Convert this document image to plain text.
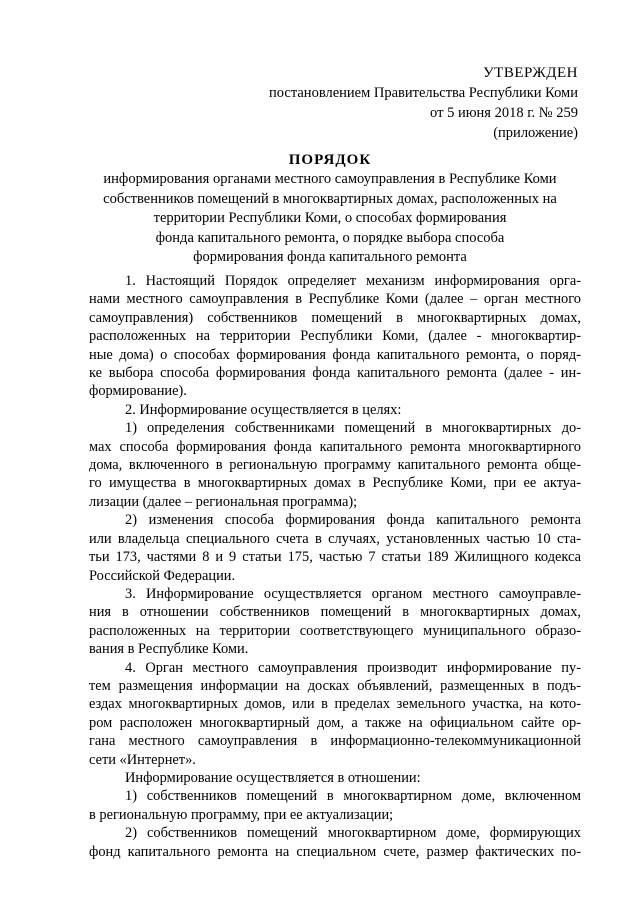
УТВЕРЖДЕН
постановлением Правительства Республики Коми
от 5 июня 2018 г. № 259
(приложение)
ПОРЯДОК
информирования органами местного самоуправления в Республике Коми
собственников помещений в многоквартирных домах, расположенных на
территории Республики Коми, о способах формирования
фонда капитального ремонта, о порядке выбора способа
формирования фонда капитального ремонта
1. Настоящий Порядок определяет механизм информирования орга-
нами местного самоуправления в Республике Коми (далее – орган местного
самоуправления) собственников помещений в многоквартирных домах,
расположенных на территории Республики Коми, (далее - многоквартир-
ные дома) о способах формирования фонда капитального ремонта, о поряд-
ке выбора способа формирования фонда капитального ремонта (далее - ин-
формирование).
2. Информирование осуществляется в целях:
1) определения собственниками помещений в многоквартирных до-
мах способа формирования фонда капитального ремонта многоквартирного
дома, включенного в региональную программу капитального ремонта обще-
го имущества в многоквартирных домах в Республике Коми, при ее актуа-
лизации (далее – региональная программа);
2) изменения способа формирования фонда капитального ремонта
или владельца специального счета в случаях, установленных частью 10 ста-
тьи 173, частями 8 и 9 статьи 175, частью 7 статьи 189 Жилищного кодекса
Российской Федерации.
3. Информирование осуществляется органом местного самоуправле-
ния в отношении собственников помещений в многоквартирных домах,
расположенных на территории соответствующего муниципального образо-
вания в Республике Коми.
4. Орган местного самоуправления производит информирование пу-
тем размещения информации на досках объявлений, размещенных в подъ-
ездах многоквартирных домов, или в пределах земельного участка, на кото-
ром расположен многоквартирный дом, а также на официальном сайте ор-
гана местного самоуправления в информационно-телекоммуникационной
сети «Интернет».
Информирование осуществляется в отношении:
1) собственников помещений в многоквартирном доме, включенном
в региональную программу, при ее актуализации;
2) собственников помещений многоквартирном доме, формирующих
фонд капитального ремонта на специальном счете, размер фактических по-
